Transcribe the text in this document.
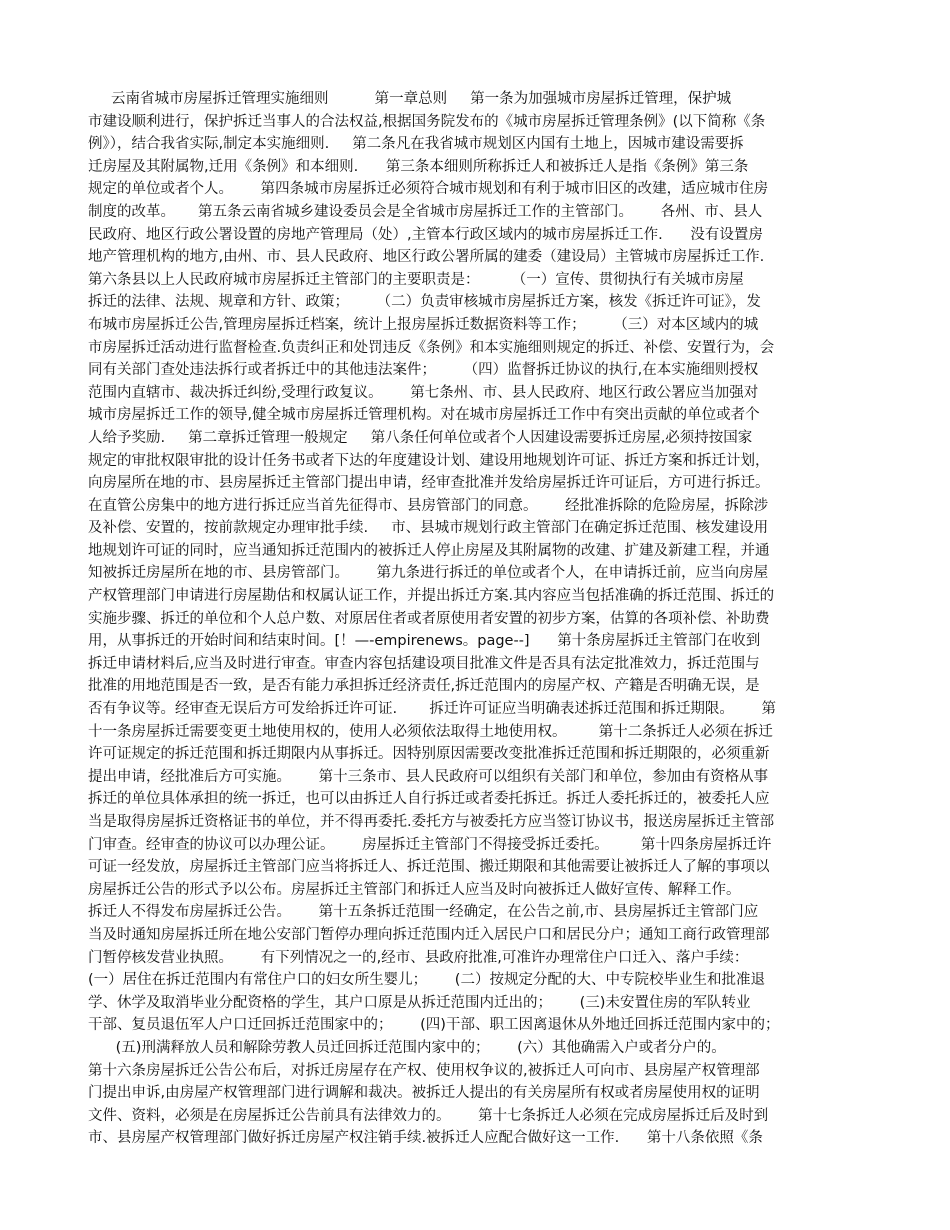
云南省城市房屋拆迁管理实施细则          第一章总则     第一条为加强城市房屋拆迁管理，保护城
市建设顺利进行，保护拆迁当事人的合法权益,根据国务院发布的《城市房屋拆迁管理条例》(以下简称《条
例》），结合我省实际,制定本实施细则.     第二条凡在我省城市规划区内国有土地上，因城市建设需要拆
迁房屋及其附属物,迁用《条例》和本细则.      第三条本细则所称拆迁人和被拆迁人是指《条例》第三条
规定的单位或者个人。      第四条城市房屋拆迁必须符合城市规划和有利于城市旧区的改建，适应城市住房
制度的改革。     第五条云南省城乡建设委员会是全省城市房屋拆迁工作的主管部门。      各州、市、县人
民政府、地区行政公署设置的房地产管理局（处）,主管本行政区域内的城市房屋拆迁工作.      没有设置房
地产管理机构的地方,由州、市、县人民政府、地区行政公署所属的建委（建设局）主管城市房屋拆迁工作.
第六条县以上人民政府城市房屋拆迁主管部门的主要职责是：       （一）宣传、贯彻执行有关城市房屋
拆迁的法律、法规、规章和方针、政策；      （二）负责审核城市房屋拆迁方案，核发《拆迁许可证》，发
布城市房屋拆迁公告,管理房屋拆迁档案，统计上报房屋拆迁数据资料等工作；      （三）对本区域内的城
市房屋拆迁活动进行监督检查.负责纠正和处罚违反《条例》和本实施细则规定的拆迁、补偿、安置行为，会
同有关部门查处违法拆行或者拆迁中的其他违法案件；      （四）监督拆迁协议的执行,在本实施细则授权
范围内直辖市、裁决拆迁纠纷,受理行政复议。      第七条州、市、县人民政府、地区行政公署应当加强对
城市房屋拆迁工作的领导,健全城市房屋拆迁管理机构。对在城市房屋拆迁工作中有突出贡献的单位或者个
人给予奖励.     第二章拆迁管理一般规定     第八条任何单位或者个人因建设需要拆迁房屋,必须持按国家
规定的审批权限审批的设计任务书或者下达的年度建设计划、建设用地规划许可证、拆迁方案和拆迁计划，
向房屋所在地的市、县房屋拆迁主管部门提出申请，经审查批准并发给房屋拆迁许可证后，方可进行拆迁。
在直管公房集中的地方进行拆迁应当首先征得市、县房管部门的同意。      经批准拆除的危险房屋，拆除涉
及补偿、安置的，按前款规定办理审批手续.     市、县城市规划行政主管部门在确定拆迁范围、核发建设用
地规划许可证的同时，应当通知拆迁范围内的被拆迁人停止房屋及其附属物的改建、扩建及新建工程，并通
知被拆迁房屋所在地的市、县房管部门。      第九条进行拆迁的单位或者个人，在申请拆迁前，应当向房屋
产权管理部门申请进行房屋勘估和权属认证工作，并提出拆迁方案.其内容应当包括准确的拆迁范围、拆迁的
实施步骤、拆迁的单位和个人总户数、对原居住者或者原使用者安置的初步方案，估算的各项补偿、补助费
用，从事拆迁的开始时间和结束时间。[！—-empirenews。page--]      第十条房屋拆迁主管部门在收到
拆迁申请材料后,应当及时进行审查。审查内容包括建设项目批准文件是否具有法定批准效力，拆迁范围与
批准的用地范围是否一致，是否有能力承担拆迁经济责任,拆迁范围内的房屋产权、产籍是否明确无误，是
否有争议等。经审查无误后方可发给拆迁许可证.       拆迁许可证应当明确表述拆迁范围和拆迁期限。      第
十一条房屋拆迁需要变更土地使用权的，使用人必须依法取得土地使用权。       第十二条拆迁人必须在拆迁
许可证规定的拆迁范围和拆迁期限内从事拆迁。因特别原因需要改变批准拆迁范围和拆迁期限的，必须重新
提出申请，经批准后方可实施。      第十三条市、县人民政府可以组织有关部门和单位，参加由有资格从事
拆迁的单位具体承担的统一拆迁，也可以由拆迁人自行拆迁或者委托拆迁。拆迁人委托拆迁的，被委托人应
当是取得房屋拆迁资格证书的单位，并不得再委托.委托方与被委托方应当签订协议书，报送房屋拆迁主管部
门审查。经审查的协议可以办理公证。      房屋拆迁主管部门不得接受拆迁委托。       第十四条房屋拆迁许
可证一经发放，房屋拆迁主管部门应当将拆迁人、拆迁范围、搬迁期限和其他需要让被拆迁人了解的事项以
房屋拆迁公告的形式予以公布。房屋拆迁主管部门和拆迁人应当及时向被拆迁人做好宣传、解释工作。
拆迁人不得发布房屋拆迁公告。      第十五条拆迁范围一经确定，在公告之前,市、县房屋拆迁主管部门应
当及时通知房屋拆迁所在地公安部门暂停办理向拆迁范围内迁入居民户口和居民分户；通知工商行政管理部
门暂停核发营业执照。      有下列情况之一的,经市、县政府批准,可准许办理常住户口迁入、落户手续：
(一）居住在拆迁范围内有常住户口的妇女所生婴儿；      (二）按规定分配的大、中专院校毕业生和批准退
学、休学及取消毕业分配资格的学生，其户口原是从拆迁范围内迁出的；      (三)未安置住房的军队转业
干部、复员退伍军人户口迁回拆迁范围家中的；      (四)干部、职工因离退休从外地迁回拆迁范围内家中的；
(五)刑满释放人员和解除劳教人员迁回拆迁范围内家中的；      (六）其他确需入户或者分户的。
第十六条房屋拆迁公告公布后，对拆迁房屋存在产权、使用权争议的,被拆迁人可向市、县房屋产权管理部
门提出申诉,由房屋产权管理部门进行调解和裁决。被拆迁人提出的有关房屋所有权或者房屋使用权的证明
文件、资料，必须是在房屋拆迁公告前具有法律效力的。      第十七条拆迁人必须在完成房屋拆迁后及时到
市、县房屋产权管理部门做好拆迁房屋产权注销手续.被拆迁人应配合做好这一工作.      第十八条依照《条
